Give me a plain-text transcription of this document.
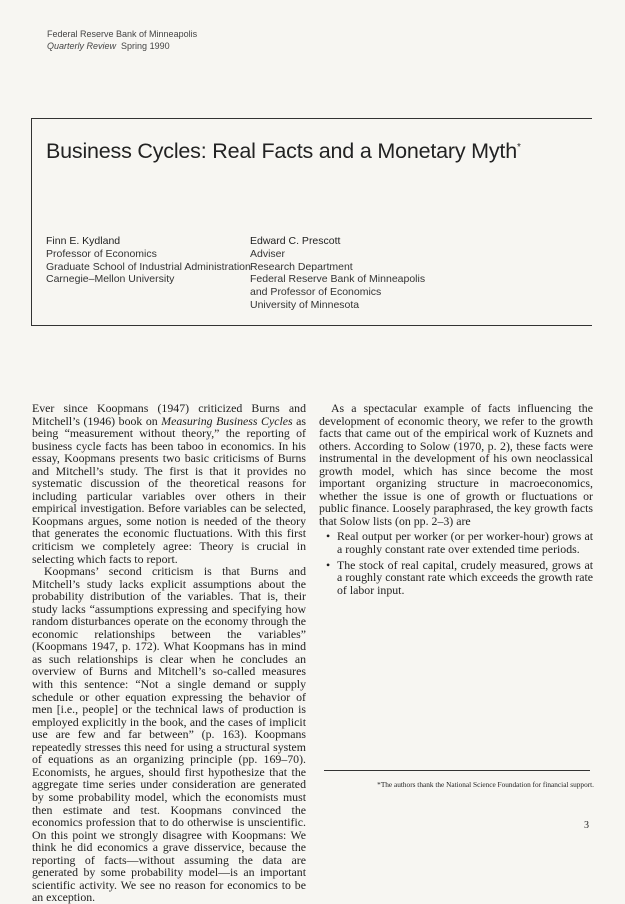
Federal Reserve Bank of Minneapolis
Quarterly Review Spring 1990
Business Cycles: Real Facts and a Monetary Myth*
Finn E. Kydland
Professor of Economics
Graduate School of Industrial Administration
Carnegie–Mellon University
Edward C. Prescott
Adviser
Research Department
Federal Reserve Bank of Minneapolis
and Professor of Economics
University of Minnesota

Ever since Koopmans (1947) criticized Burns and Mitchell’s (1946) book on Measuring Business Cycles as being “measurement without theory,” the reporting of business cycle facts has been taboo in economics. In his essay, Koopmans presents two basic criticisms of Burns and Mitchell’s study. The first is that it provides no systematic discussion of the theoretical reasons for including particular variables over others in their empirical investigation. Before variables can be selected, Koopmans argues, some notion is needed of the theory that generates the economic fluctuations. With this first criticism we completely agree: Theory is crucial in selecting which facts to report.

Koopmans’ second criticism is that Burns and Mitchell’s study lacks explicit assumptions about the probability distribution of the variables. That is, their study lacks “assumptions expressing and specifying how random disturbances operate on the economy through the economic relationships between the variables” (Koopmans 1947, p. 172). What Koopmans has in mind as such relationships is clear when he concludes an overview of Burns and Mitchell’s so-called measures with this sentence: “Not a single demand or supply schedule or other equation expressing the behavior of men [i.e., people] or the technical laws of production is employed explicitly in the book, and the cases of implicit use are few and far between” (p. 163). Koopmans repeatedly stresses this need for using a structural system of equations as an organizing principle (pp. 169–70). Economists, he argues, should first hypothesize that the aggregate time series under consideration are generated by some probability model, which the economists must then estimate and test. Koopmans convinced the economics profession that to do otherwise is unscientific. On this point we strongly disagree with Koopmans: We think he did economics a grave disservice, because the reporting of facts—without assuming the data are generated by some probability model—is an important scientific activity. We see no reason for economics to be an exception.

As a spectacular example of facts influencing the development of economic theory, we refer to the growth facts that came out of the empirical work of Kuznets and others. According to Solow (1970, p. 2), these facts were instrumental in the development of his own neoclassical growth model, which has since become the most important organizing structure in macroeconomics, whether the issue is one of growth or fluctuations or public finance. Loosely paraphrased, the key growth facts that Solow lists (on pp. 2–3) are

• Real output per worker (or per worker-hour) grows at a roughly constant rate over extended time periods.
• The stock of real capital, crudely measured, grows at a roughly constant rate which exceeds the growth rate of labor input.
*The authors thank the National Science Foundation for financial support.
3
